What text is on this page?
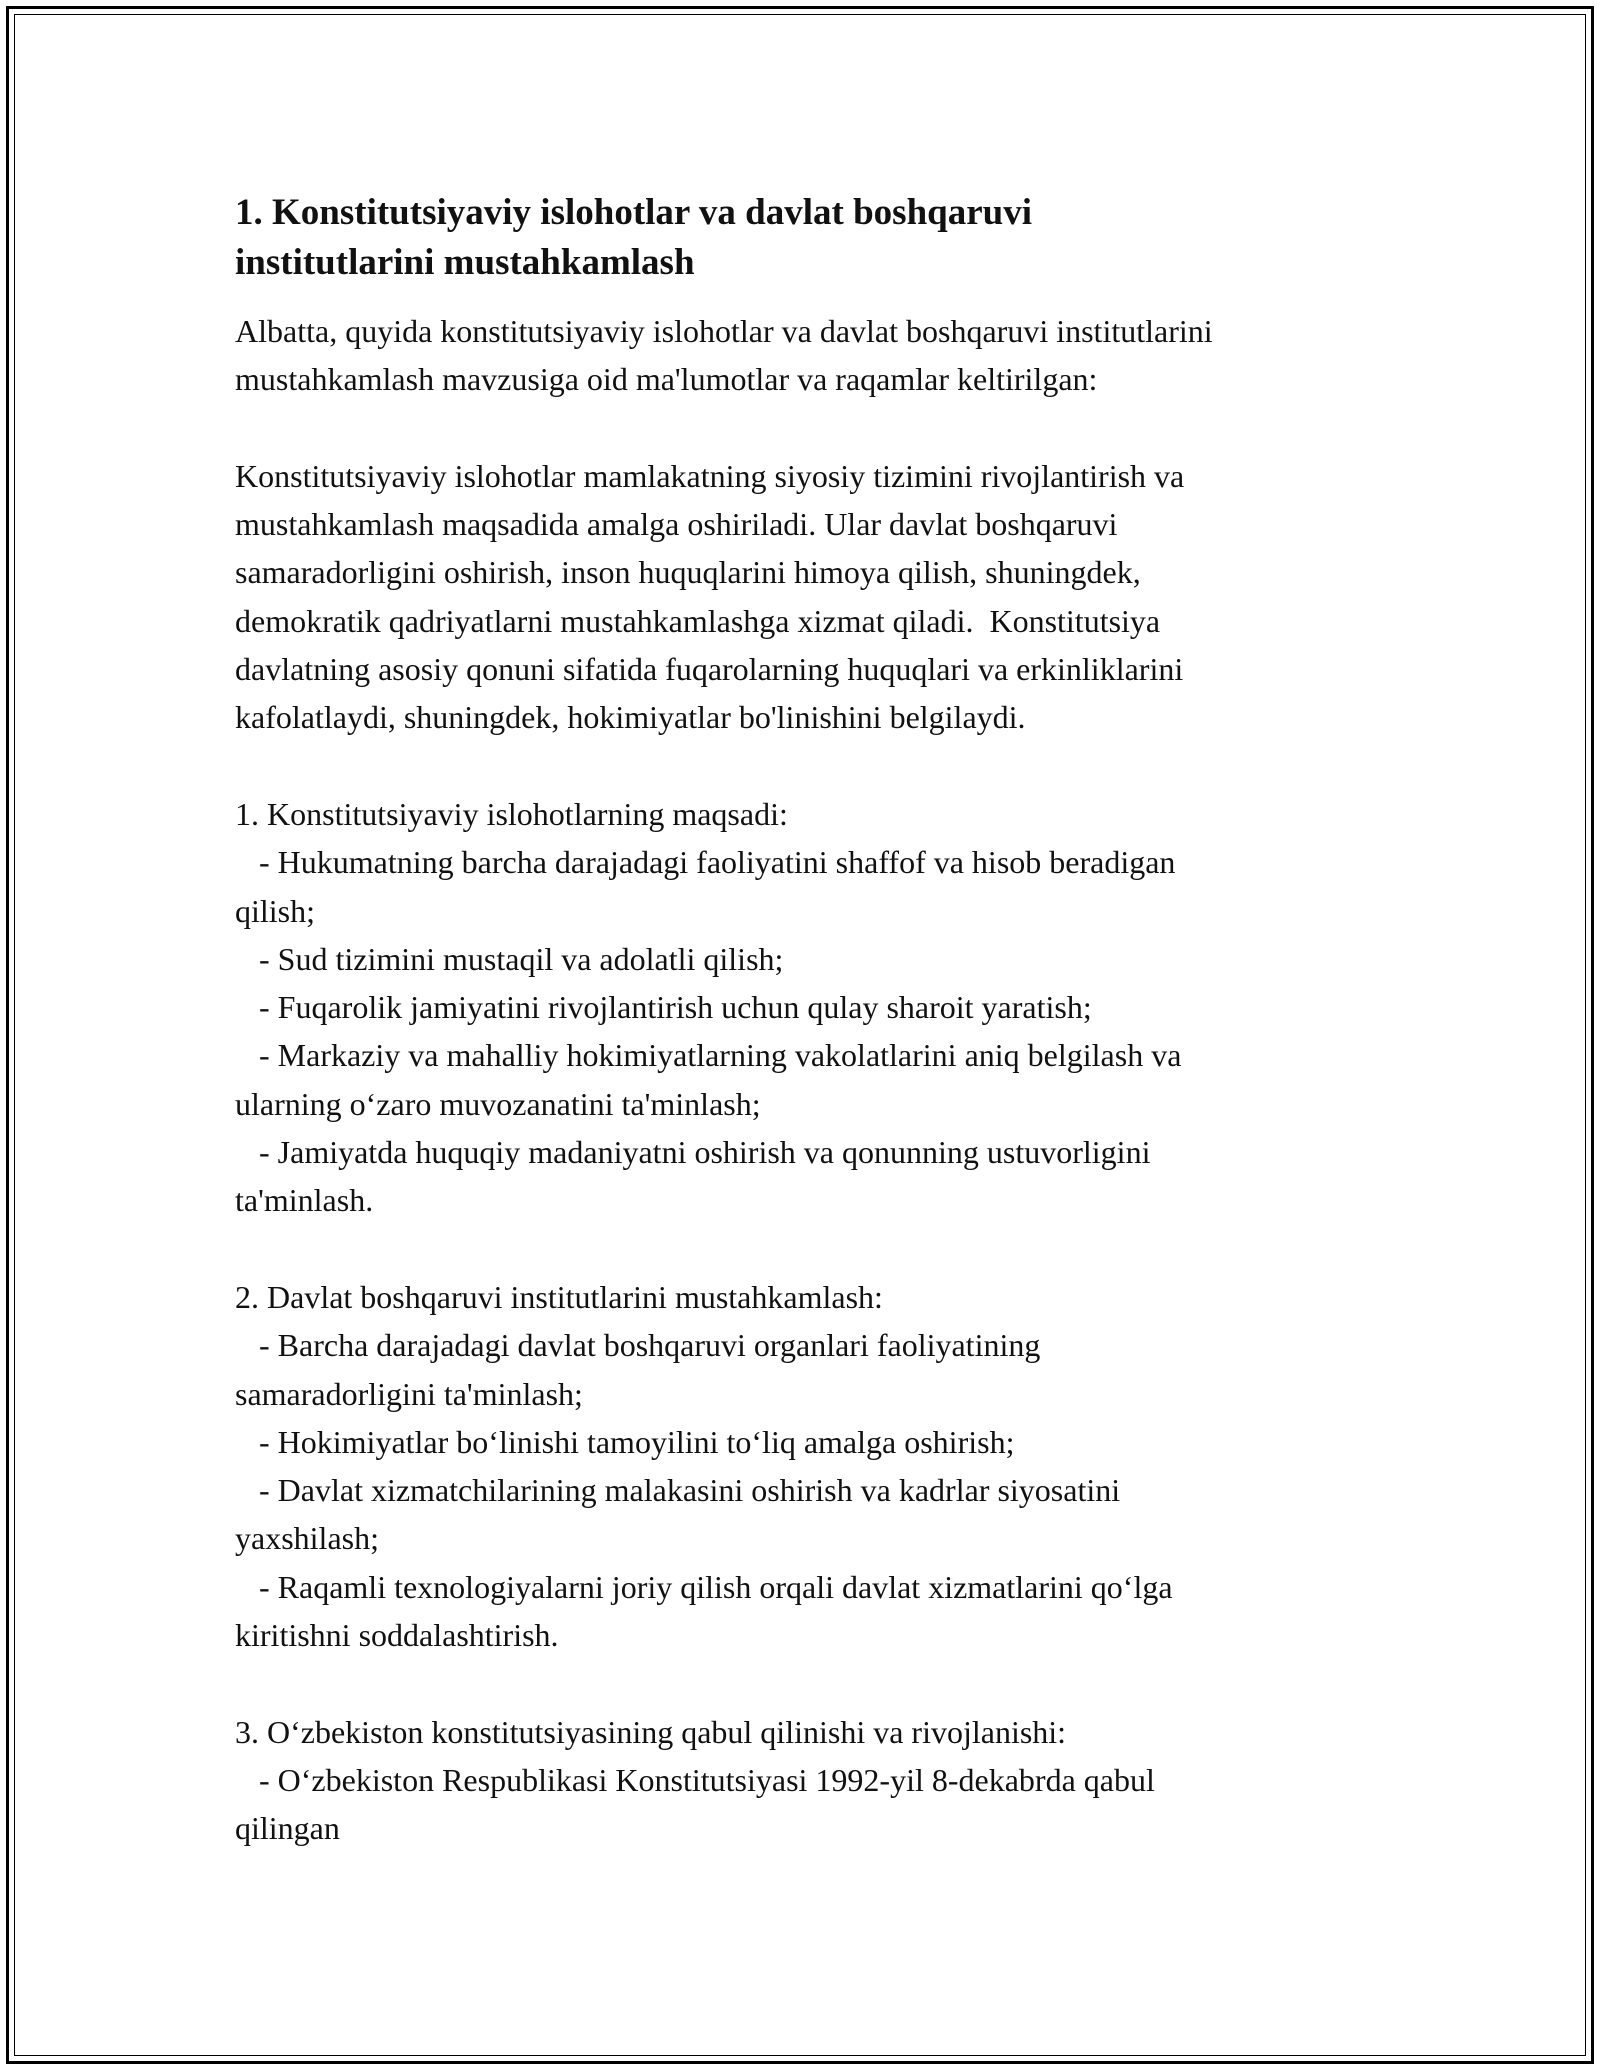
1. Konstitutsiyaviy islohotlar va davlat boshqaruvi
institutlarini mustahkamlash
Albatta, quyida konstitutsiyaviy islohotlar va davlat boshqaruvi institutlarini
mustahkamlash mavzusiga oid ma'lumotlar va raqamlar keltirilgan:
Konstitutsiyaviy islohotlar mamlakatning siyosiy tizimini rivojlantirish va
mustahkamlash maqsadida amalga oshiriladi. Ular davlat boshqaruvi
samaradorligini oshirish, inson huquqlarini himoya qilish, shuningdek,
demokratik qadriyatlarni mustahkamlashga xizmat qiladi.  Konstitutsiya
davlatning asosiy qonuni sifatida fuqarolarning huquqlari va erkinliklarini
kafolatlaydi, shuningdek, hokimiyatlar bo'linishini belgilaydi.
1. Konstitutsiyaviy islohotlarning maqsadi:
- Hukumatning barcha darajadagi faoliyatini shaffof va hisob beradigan
qilish;
- Sud tizimini mustaqil va adolatli qilish;
- Fuqarolik jamiyatini rivojlantirish uchun qulay sharoit yaratish;
- Markaziy va mahalliy hokimiyatlarning vakolatlarini aniq belgilash va
ularning o‘zaro muvozanatini ta'minlash;
- Jamiyatda huquqiy madaniyatni oshirish va qonunning ustuvorligini
ta'minlash.
2. Davlat boshqaruvi institutlarini mustahkamlash:
- Barcha darajadagi davlat boshqaruvi organlari faoliyatining
samaradorligini ta'minlash;
- Hokimiyatlar bo‘linishi tamoyilini to‘liq amalga oshirish;
- Davlat xizmatchilarining malakasini oshirish va kadrlar siyosatini
yaxshilash;
- Raqamli texnologiyalarni joriy qilish orqali davlat xizmatlarini qo‘lga
kiritishni soddalashtirish.
3. O‘zbekiston konstitutsiyasining qabul qilinishi va rivojlanishi:
- O‘zbekiston Respublikasi Konstitutsiyasi 1992-yil 8-dekabrda qabul
qilingan
